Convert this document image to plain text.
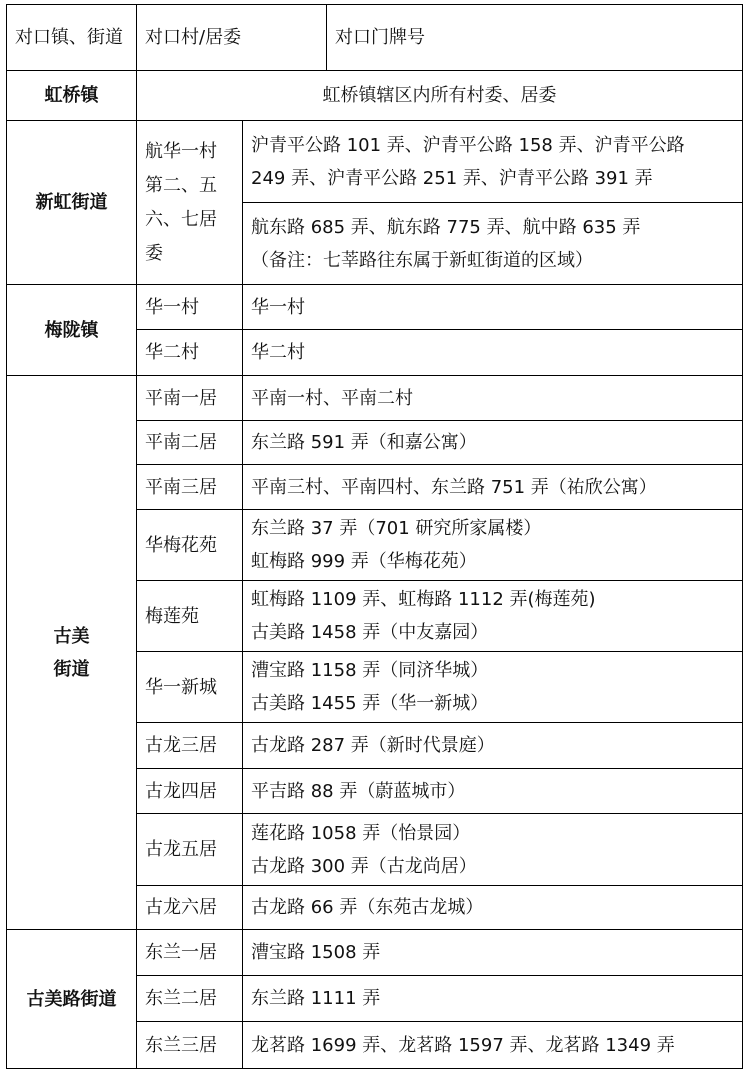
对口镇、街道	对口村/居委		对口门牌号
虹桥镇	虹桥镇辖区内所有村委、居委		
新虹街道	航华一村第二、五六、七居委	沪青平公路 101 弄、沪青平公路 158 弄、沪青平公路
249 弄、沪青平公路 251 弄、沪青平公路 391 弄	

		航东路 685 弄、航东路 775 弄、航中路 635 弄
（备注：七莘路往东属于新虹街道的区域）	

梅陇镇	华一村	华一村	
	华二村	华二村	

古美
街道	平南一居	平南一村、平南二村	

	平南二居	东兰路 591 弄（和嘉公寓）	

	平南三居	平南三村、平南四村、东兰路 751 弄（祐欣公寓）	

	华梅花苑	东兰路 37 弄（701 研究所家属楼）
虹梅路 999 弄（华梅花苑）	

	梅莲苑	虹梅路 1109 弄、虹梅路 1112 弄(梅莲苑)
古美路 1458 弄（中友嘉园）	

	华一新城	漕宝路 1158 弄（同济华城）
古美路 1455 弄（华一新城）	

	古龙三居	古龙路 287 弄（新时代景庭）	

	古龙四居	平吉路 88 弄（蔚蓝城市）	

	古龙五居	莲花路 1058 弄（怡景园）
古龙路 300 弄（古龙尚居）	

	古龙六居	古龙路 66 弄（东苑古龙城）	

古美路街道	东兰一居	漕宝路 1508 弄	
	东兰二居	东兰路 1111 弄	
	东兰三居	龙茗路 1699 弄、龙茗路 1597 弄、龙茗路 1349 弄	
